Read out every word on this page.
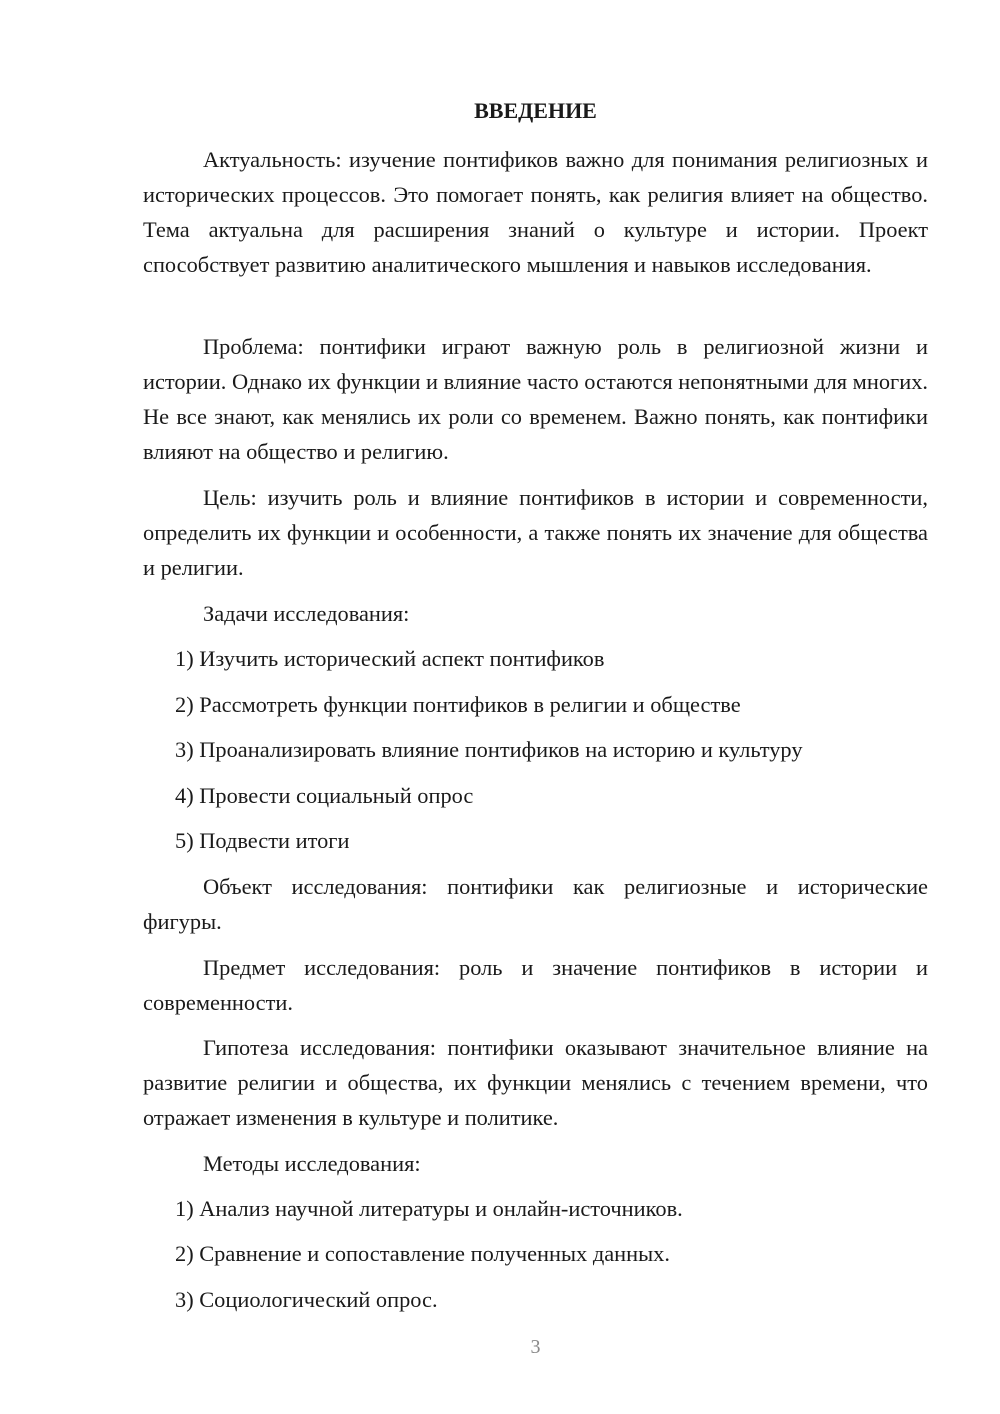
ВВЕДЕНИЕ

Актуальность: изучение понтификов важно для понимания религиозных и исторических процессов. Это помогает понять, как религия влияет на общество. Тема актуальна для расширения знаний о культуре и истории. Проект способствует развитию аналитического мышления и навыков исследования.

Проблема: понтифики играют важную роль в религиозной жизни и истории. Однако их функции и влияние часто остаются непонятными для многих. Не все знают, как менялись их роли со временем. Важно понять, как понтифики влияют на общество и религию.

Цель: изучить роль и влияние понтификов в истории и современности, определить их функции и особенности, а также понять их значение для общества и религии.

Задачи исследования:

1) Изучить исторический аспект понтификов

2) Рассмотреть функции понтификов в религии и обществе

3) Проанализировать влияние понтификов на историю и культуру

4) Провести социальный опрос

5) Подвести итоги

Объект исследования: понтифики как религиозные и исторические фигуры.

Предмет исследования: роль и значение понтификов в истории и современности.

Гипотеза исследования: понтифики оказывают значительное влияние на развитие религии и общества, их функции менялись с течением времени, что отражает изменения в культуре и политике.

Методы исследования:

1) Анализ научной литературы и онлайн-источников.

2) Сравнение и сопоставление полученных данных.

3) Социологический опрос.

3
